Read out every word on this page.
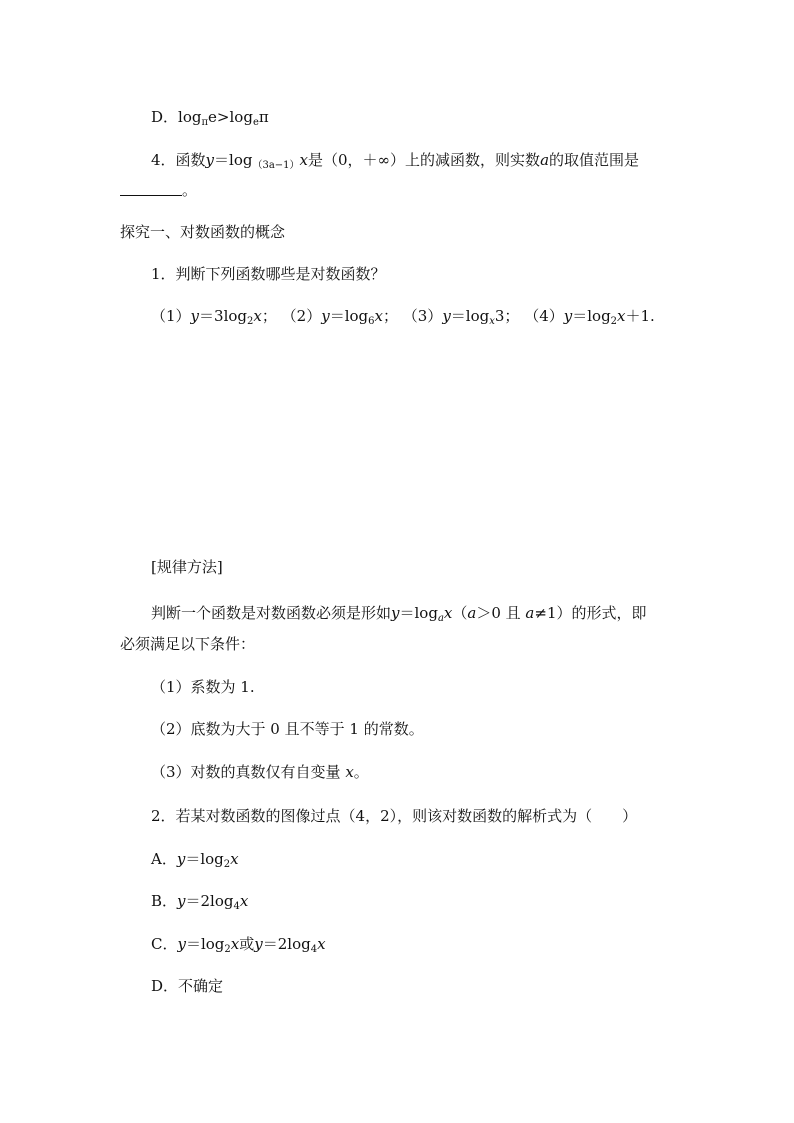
D．$\log_\pi e>\log_e\pi$
4．函数$y=\log_{(3a-1)}x$是（0，＋∞）上的减函数，则实数a的取值范围是
。
探究一、对数函数的概念
1．判断下列函数哪些是对数函数？
$(1)y=3\log_2x$； $(2)y=\log_6x$； $(3)y=\log_x3$； $(4)y=\log_2x+1$.
[规律方法]
判断一个函数是对数函数必须是形如$y=\log_ax(a>0$ 且 a≠1）的形式，即
必须满足以下条件：
（1）系数为 1.
（2）底数为大于 0 且不等于 1 的常数。
（3）对数的真数仅有自变量 x。
2．若某对数函数的图像过点（4，2），则该对数函数的解析式为（　　）
A．$y=\log_2x$
B．$y=2\log_4x$
C．$y=\log_2x$或$y=2\log_4x$
D．不确定
